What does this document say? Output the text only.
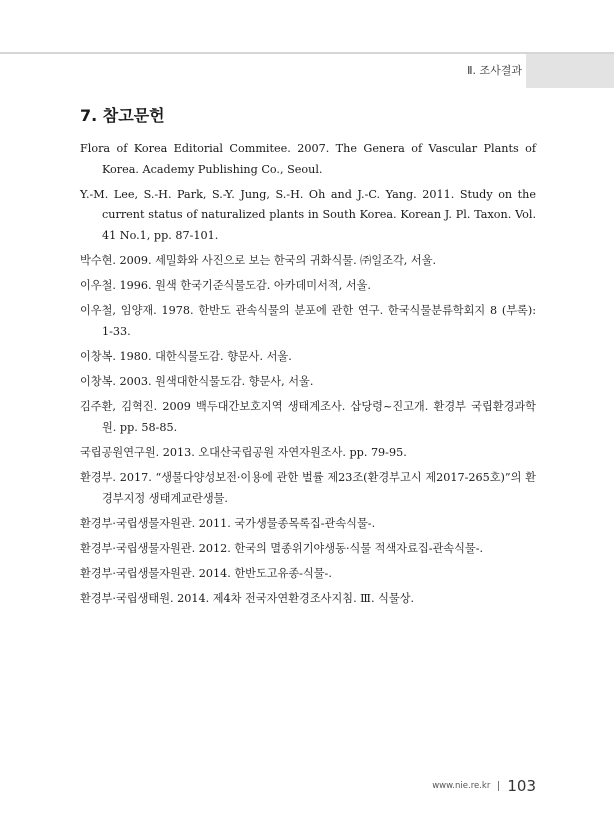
Ⅱ. 조사결과
7. 참고문헌

Flora of Korea Editorial Commitee. 2007. The Genera of Vascular Plants of Korea. Academy Publishing Co., Seoul.

Y.-M. Lee, S.-H. Park, S.-Y. Jung, S.-H. Oh and J.-C. Yang. 2011. Study on the current status of naturalized plants in South Korea. Korean J. Pl. Taxon. Vol. 41 No.1, pp. 87-101.

박수현. 2009. 세밀화와 사진으로 보는 한국의 귀화식물. ㈜일조각, 서울.

이우철. 1996. 원색 한국기준식물도감. 아카데미서적, 서울.

이우철, 임양재. 1978. 한반도 관속식물의 분포에 관한 연구. 한국식물분류학회지 8 (부록): 1-33.

이창복. 1980. 대한식물도감. 향문사. 서울.

이창복. 2003. 원색대한식물도감. 향문사, 서울.

김주환, 김혁진. 2009 백두대간보호지역 생태계조사. 삽당령~진고개. 환경부 국립환경과학원. pp. 58-85.

국립공원연구원. 2013. 오대산국립공원 자연자원조사. pp. 79-95.

환경부. 2017. “생물다양성보전·이용에 관한 벌률 제23조(환경부고시 제2017-265호)”의 환경부지정 생태계교란생물.

환경부·국립생물자원관. 2011. 국가생물종목록집-관속식물-.

환경부·국립생물자원관. 2012. 한국의 멸종위기야생동·식물 적색자료집-관속식물-.

환경부·국립생물자원관. 2014. 한반도고유종-식물-.

환경부·국립생태원. 2014. 제4차 전국자연환경조사지침. Ⅲ. 식물상.

www.nie.re.kr 103
